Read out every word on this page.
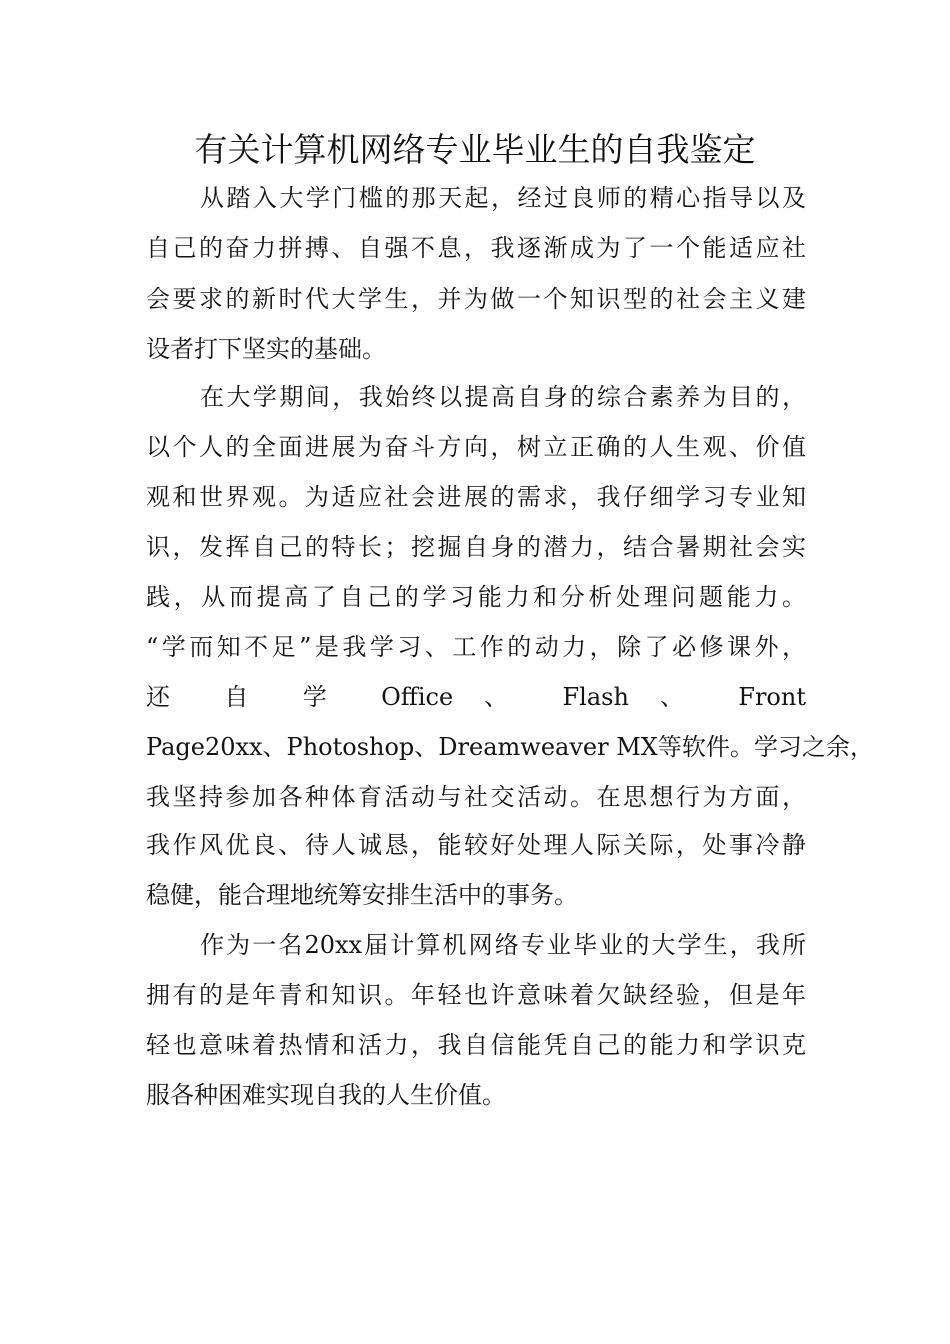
有关计算机网络专业毕业生的自我鉴定
从踏入大学门槛的那天起，经过良师的精心指导以及
自己的奋力拼搏、自强不息，我逐渐成为了一个能适应社
会要求的新时代大学生，并为做一个知识型的社会主义建
设者打下坚实的基础。
在大学期间，我始终以提高自身的综合素养为目的，
以个人的全面进展为奋斗方向，树立正确的人生观、价值
观和世界观。为适应社会进展的需求，我仔细学习专业知
识，发挥自己的特长；挖掘自身的潜力，结合暑期社会实
践，从而提高了自己的学习能力和分析处理问题能力。
“学而知不足”是我学习、工作的动力，除了必修课外，
还 自 学 Office 、 Flash 、 Front
Page20xx、Photoshop、Dreamweaver MX等软件。学习之余，
我坚持参加各种体育活动与社交活动。在思想行为方面，
我作风优良、待人诚恳，能较好处理人际关际，处事冷静
稳健，能合理地统筹安排生活中的事务。
作为一名20xx届计算机网络专业毕业的大学生，我所
拥有的是年青和知识。年轻也许意味着欠缺经验，但是年
轻也意味着热情和活力，我自信能凭自己的能力和学识克
服各种困难实现自我的人生价值。
